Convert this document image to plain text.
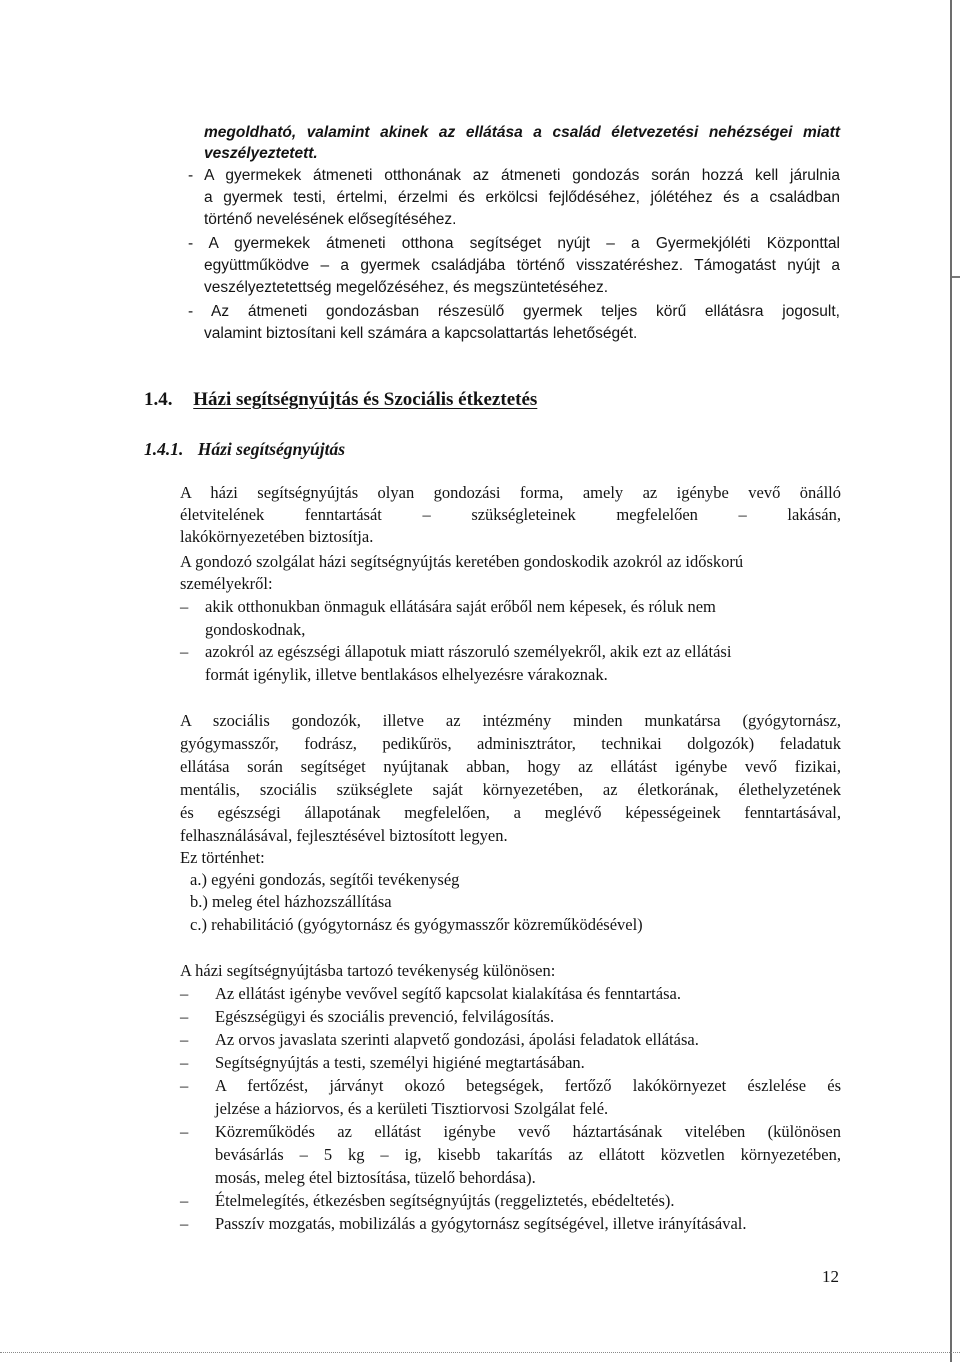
megoldható, valamint akinek az ellátása a család életvezetési nehézségei miatt
veszélyeztetett.
- A gyermekek átmeneti otthonának az átmeneti gondozás során hozzá kell járulnia
a gyermek testi, értelmi, érzelmi és erkölcsi fejlődéséhez, jólétéhez és a családban
történő nevelésének elősegítéséhez.
- A gyermekek átmeneti otthona segítséget nyújt – a Gyermekjóléti Központtal
együttműködve – a gyermek családjába történő visszatéréshez. Támogatást nyújt a
veszélyeztetettség megelőzéséhez, és megszüntetéséhez.
- Az átmeneti gondozásban részesülő gyermek teljes körű ellátásra jogosult,
valamint biztosítani kell számára a kapcsolattartás lehetőségét.
1.4. Házi segítségnyújtás és Szociális étkeztetés
1.4.1. Házi segítségnyújtás
A házi segítségnyújtás olyan gondozási forma, amely az igénybe vevő önálló
életvitelének fenntartását – szükségleteinek megfelelően – lakásán,
lakókörnyezetében biztosítja.
A gondozó szolgálat házi segítségnyújtás keretében gondoskodik azokról az időskorú
személyekről:
– akik otthonukban önmaguk ellátására saját erőből nem képesek, és róluk nem
gondoskodnak,
– azokról az egészségi állapotuk miatt rászoruló személyekről, akik ezt az ellátási
formát igénylik, illetve bentlakásos elhelyezésre várakoznak.
A szociális gondozók, illetve az intézmény minden munkatársa (gyógytornász,
gyógymasszőr, fodrász, pedikűrös, adminisztrátor, technikai dolgozók) feladatuk
ellátása során segítséget nyújtanak abban, hogy az ellátást igénybe vevő fizikai,
mentális, szociális szükséglete saját környezetében, az életkorának, élethelyzetének
és egészségi állapotának megfelelően, a meglévő képességeinek fenntartásával,
felhasználásával, fejlesztésével biztosított legyen.
Ez történhet:
a.) egyéni gondozás, segítői tevékenység
b.) meleg étel házhozszállítása
c.) rehabilitáció (gyógytornász és gyógymasszőr közreműködésével)
A házi segítségnyújtásba tartozó tevékenység különösen:
– Az ellátást igénybe vevővel segítő kapcsolat kialakítása és fenntartása.
– Egészségügyi és szociális prevenció, felvilágosítás.
– Az orvos javaslata szerinti alapvető gondozási, ápolási feladatok ellátása.
– Segítségnyújtás a testi, személyi higiéné megtartásában.
– A fertőzést, járványt okozó betegségek, fertőző lakókörnyezet észlelése és
jelzése a háziorvos, és a kerületi Tisztiorvosi Szolgálat felé.
– Közreműködés az ellátást igénybe vevő háztartásának vitelében (különösen
bevásárlás – 5 kg – ig, kisebb takarítás az ellátott közvetlen környezetében,
mosás, meleg étel biztosítása, tüzelő behordása).
– Ételmelegítés, étkezésben segítségnyújtás (reggeliztetés, ebédeltetés).
– Passzív mozgatás, mobilizálás a gyógytornász segítségével, illetve irányításával.
12
